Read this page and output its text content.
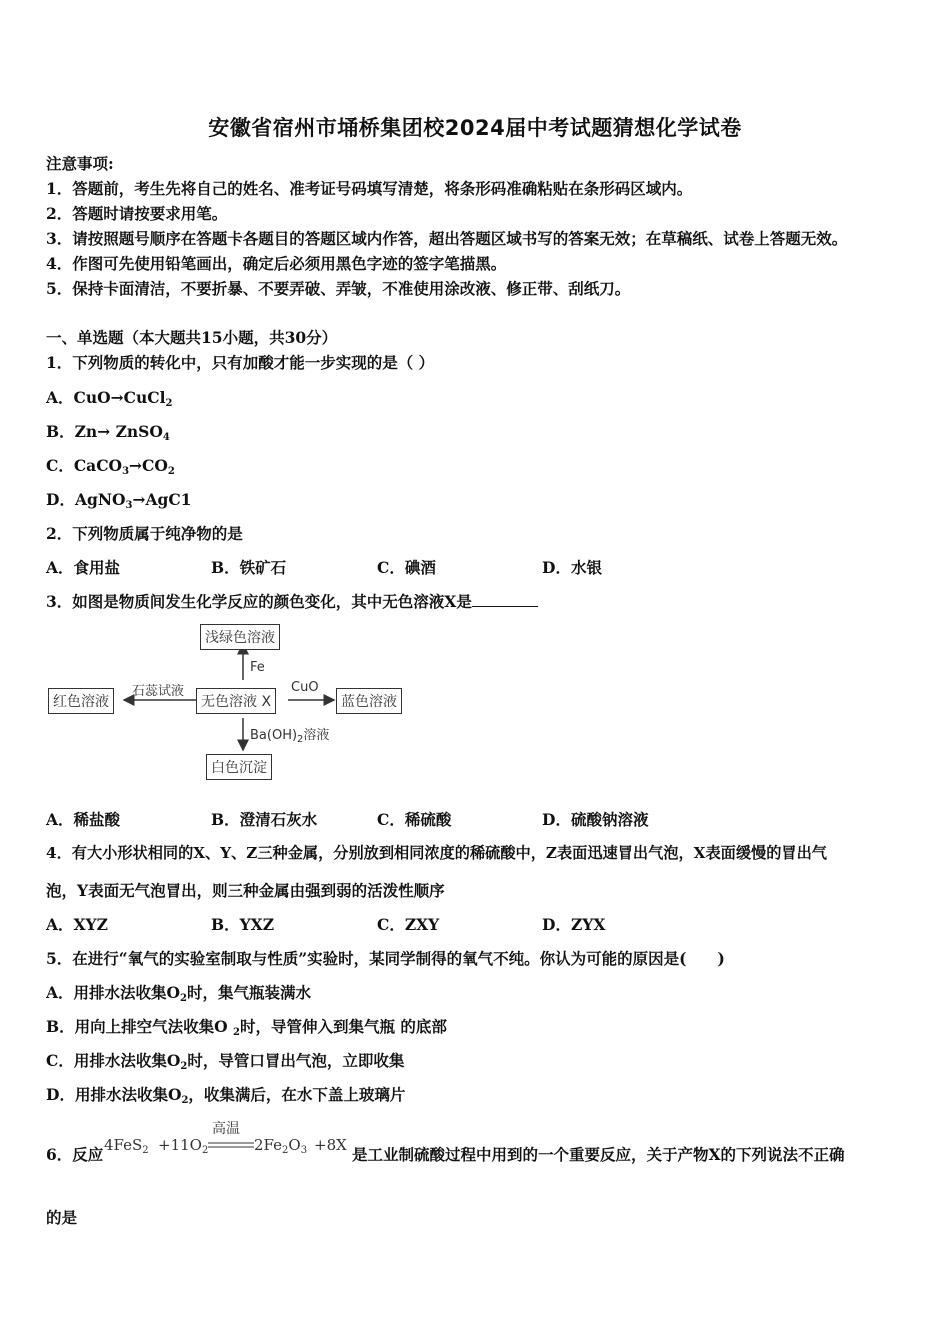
安徽省宿州市埇桥集团校2024届中考试题猜想化学试卷
注意事项:
1．答题前，考生先将自己的姓名、准考证号码填写清楚，将条形码准确粘贴在条形码区域内。
2．答题时请按要求用笔。
3．请按照题号顺序在答题卡各题目的答题区域内作答，超出答题区域书写的答案无效；在草稿纸、试卷上答题无效。
4．作图可先使用铅笔画出，确定后必须用黑色字迹的签字笔描黑。
5．保持卡面清洁，不要折暴、不要弄破、弄皱，不准使用涂改液、修正带、刮纸刀。
一、单选题（本大题共15小题，共30分）
1．下列物质的转化中，只有加酸才能一步实现的是（ ）
A．CuO→CuCl$_2$
B．Zn→ ZnSO$_4$
C．$CaCO_3\to CO_2$
D．AgNO$_3$→AgC1
2．下列物质属于纯净物的是
A．食用盐	B．铁矿石	C．碘酒	D．水银
3．如图是物质间发生化学反应的颜色变化，其中无色溶液X是
浅绿色溶液
红色溶液	无色溶液 X	蓝色溶液
白色沉淀
Fe
石蕊试液	CuO
$Ba(OH)_2$溶液
A．稀盐酸	B．澄清石灰水	C．稀硫酸	D．硫酸钠溶液
4．有大小形状相同的X、Y、Z三种金属，分别放到相同浓度的稀硫酸中，Z表面迅速冒出气泡，X表面缓慢的冒出气
泡，Y表面无气泡冒出，则三种金属由强到弱的活泼性顺序
A．XYZ	B．YXZ	C．ZXY	D．ZYX
5．在进行“氧气的实验室制取与性质”实验时，某同学制得的氧气不纯。你认为可能的原因是(　　)
A．用排水法收集$O_2$时，集气瓶装满水
B．用向上排空气法收集O $_2$时，导管伸入到集气瓶 的底部
C．用排水法收集$O_2$时，导管口冒出气泡，立即收集
D．用排水法收集$O_2$，收集满后，在水下盖上玻璃片
6．反应 $4FeS_2 +11O_2$
高温
$2Fe_2O_3 +8X$ 是工业制硫酸过程中用到的一个重要反应，关于产物X的下列说法不正确
的是
